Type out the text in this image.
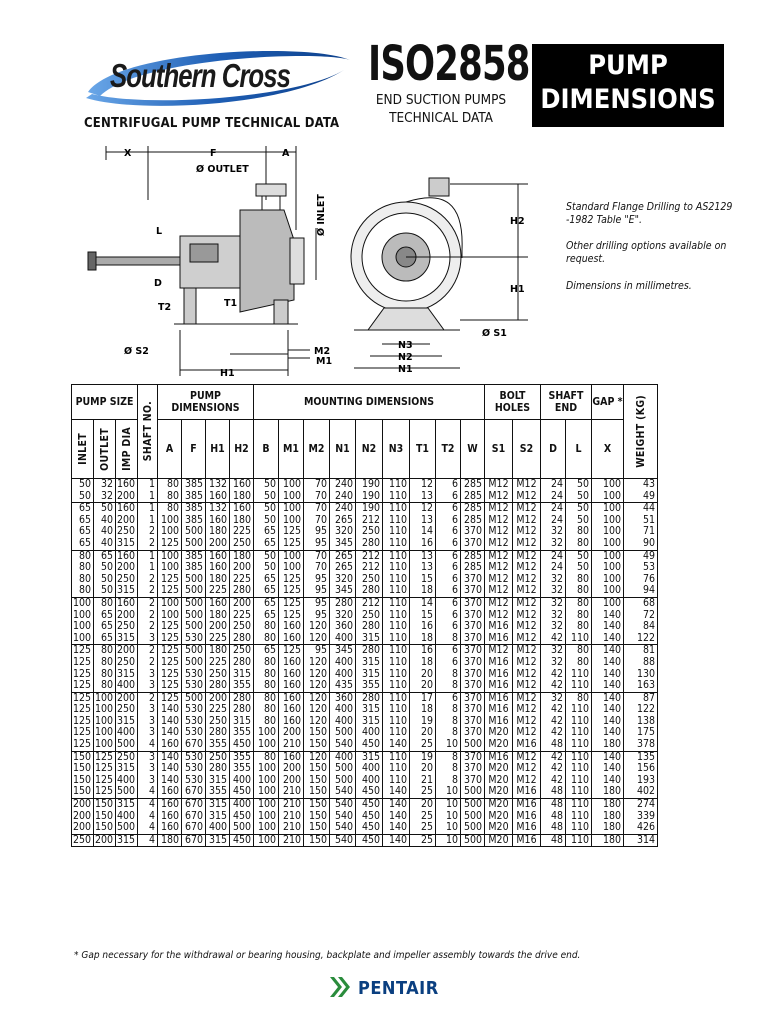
Southern Cross
CENTRIFUGAL PUMP TECHNICAL DATA
ISO2858
END SUCTION PUMPS
TECHNICAL DATA
PUMP
DIMENSIONS
Standard Flange Drilling to AS2129 -1982 Table "E".
Other drilling options available on request.
Dimensions in millimetres.
X	F	A
Ø OUTLET
Ø INLET
L
D
T1
T2
Ø S2	M2
M1
H1
H2
H1
Ø S1
N3
N2
N1
PUMP SIZE			SHAFT NO.	PUMP DIMENSIONS				MOUNTING DIMENSIONS									BOLT HOLES		SHAFT END		GAP *	WEIGHT (KG)

INLET	OUTLET	IMP DIA		A	F	H1	H2	B	M1	M2	N1	N2	N3	T1	T2	W	S1	S2	D	L	X	
50	32	160	1	80	385	132	160	50	100	70	240	190	110	12	6	285	M12	M12	24	50	100	43
50	32	200	1	80	385	160	180	50	100	70	240	190	110	13	6	285	M12	M12	24	50	100	49
65	50	160	1	80	385	132	160	50	100	70	240	190	110	12	6	285	M12	M12	24	50	100	44
65	40	200	1	100	385	160	180	50	100	70	265	212	110	13	6	285	M12	M12	24	50	100	51
65	40	250	2	100	500	180	225	65	125	95	320	250	110	14	6	370	M12	M12	32	80	100	71
65	40	315	2	125	500	200	250	65	125	95	345	280	110	16	6	370	M12	M12	32	80	100	90
80	65	160	1	100	385	160	180	50	100	70	265	212	110	13	6	285	M12	M12	24	50	100	49
80	50	200	1	100	385	160	200	50	100	70	265	212	110	13	6	285	M12	M12	24	50	100	53
80	50	250	2	125	500	180	225	65	125	95	320	250	110	15	6	370	M12	M12	32	80	100	76
80	50	315	2	125	500	225	280	65	125	95	345	280	110	18	6	370	M12	M12	32	80	100	94
100	80	160	2	100	500	160	200	65	125	95	280	212	110	14	6	370	M12	M12	32	80	100	68
100	65	200	2	100	500	180	225	65	125	95	320	250	110	15	6	370	M12	M12	32	80	140	72
100	65	250	2	125	500	200	250	80	160	120	360	280	110	16	6	370	M16	M12	32	80	140	84
100	65	315	3	125	530	225	280	80	160	120	400	315	110	18	8	370	M16	M12	42	110	140	122
125	80	200	2	125	500	180	250	65	125	95	345	280	110	16	6	370	M12	M12	32	80	140	81
125	80	250	2	125	500	225	280	80	160	120	400	315	110	18	6	370	M16	M12	32	80	140	88
125	80	315	3	125	530	250	315	80	160	120	400	315	110	20	8	370	M16	M12	42	110	140	130
125	80	400	3	125	530	280	355	80	160	120	435	355	110	20	8	370	M16	M12	42	110	140	163
125	100	200	2	125	500	200	280	80	160	120	360	280	110	17	6	370	M16	M12	32	80	140	87
125	100	250	3	140	530	225	280	80	160	120	400	315	110	18	8	370	M16	M12	42	110	140	122
125	100	315	3	140	530	250	315	80	160	120	400	315	110	19	8	370	M16	M12	42	110	140	138
125	100	400	3	140	530	280	355	100	200	150	500	400	110	20	8	370	M20	M12	42	110	140	175
125	100	500	4	160	670	355	450	100	210	150	540	450	140	25	10	500	M20	M16	48	110	180	378
150	125	250	3	140	530	250	355	80	160	120	400	315	110	19	8	370	M16	M12	42	110	140	135
150	125	315	3	140	530	280	355	100	200	150	500	400	110	20	8	370	M20	M12	42	110	140	156
150	125	400	3	140	530	315	400	100	200	150	500	400	110	21	8	370	M20	M12	42	110	140	193
150	125	500	4	160	670	355	450	100	210	150	540	450	140	25	10	500	M20	M16	48	110	180	402
200	150	315	4	160	670	315	400	100	210	150	540	450	140	20	10	500	M20	M16	48	110	180	274
200	150	400	4	160	670	315	450	100	210	150	540	450	140	25	10	500	M20	M16	48	110	180	339
200	150	500	4	160	670	400	500	100	210	150	540	450	140	25	10	500	M20	M16	48	110	180	426
250	200	315	4	180	670	315	450	100	210	150	540	450	140	25	10	500	M20	M16	48	110	180	314
* Gap necessary for the withdrawal or bearing housing, backplate and impeller assembly towards the drive end.
PENTAIR
